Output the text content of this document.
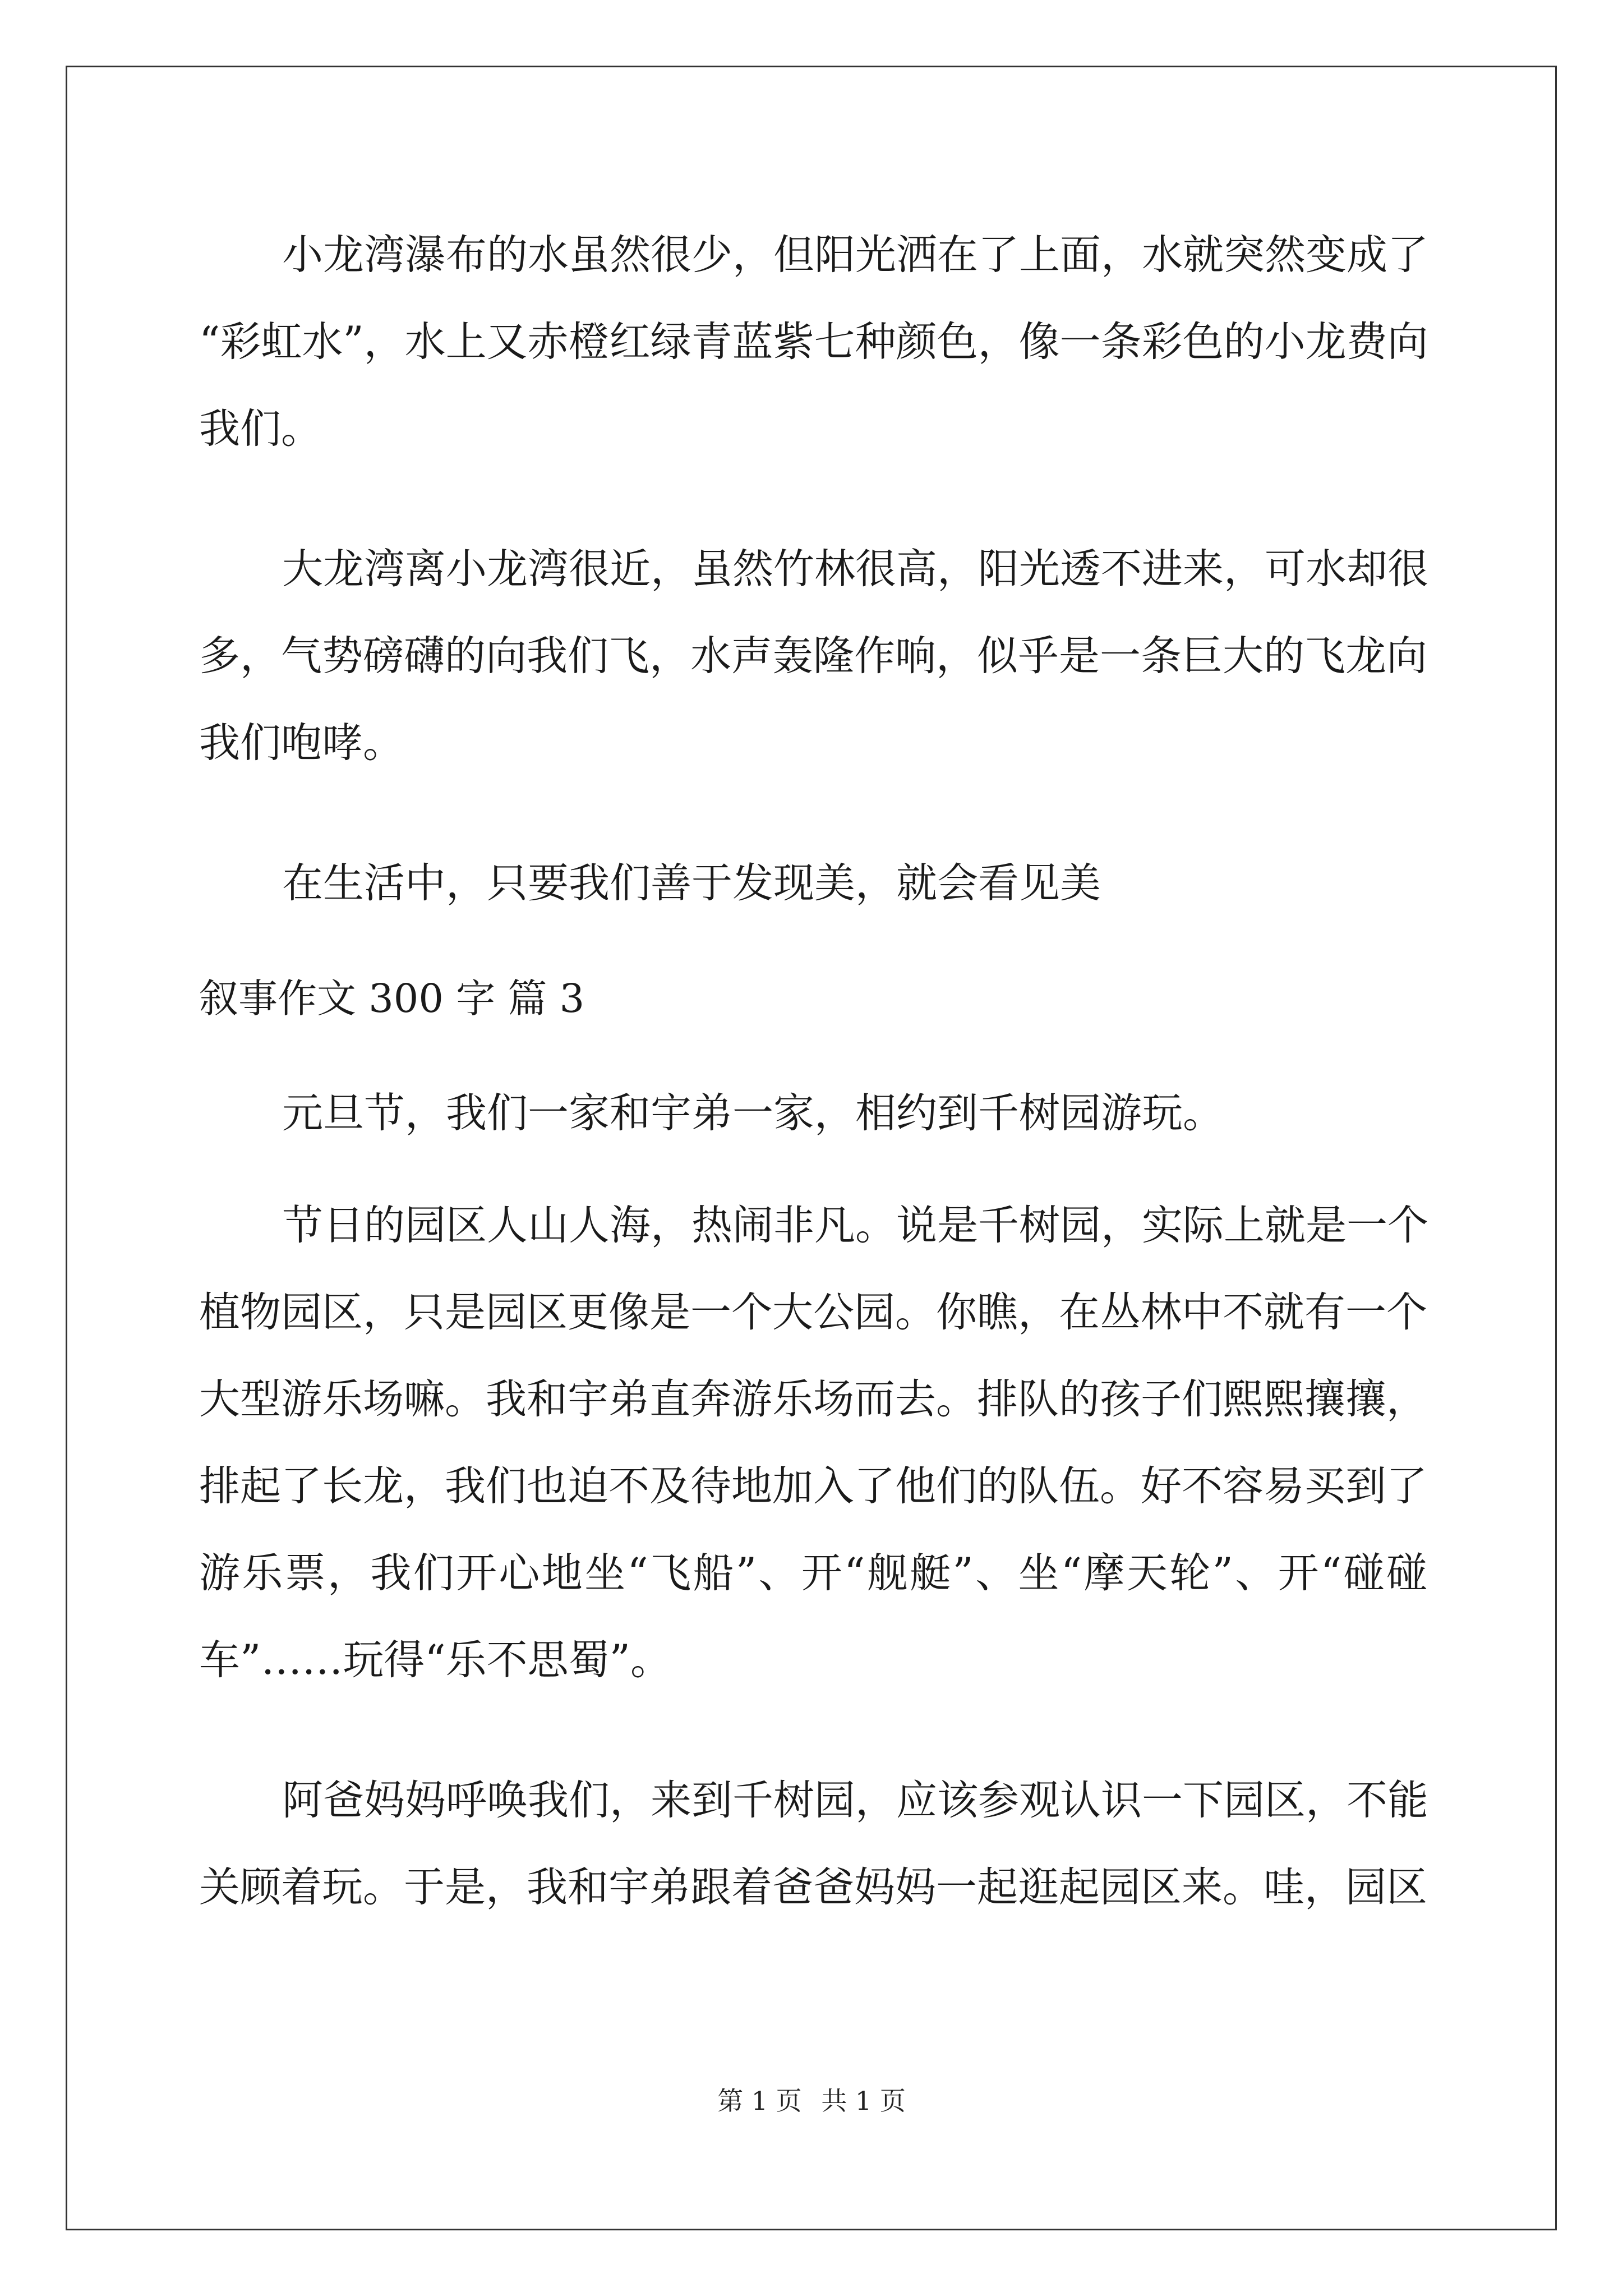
小龙湾瀑布的水虽然很少，但阳光洒在了上面，水就突然变成了
“彩虹水”，水上又赤橙红绿青蓝紫七种颜色，像一条彩色的小龙费向
我们。
大龙湾离小龙湾很近，虽然竹林很高，阳光透不进来，可水却很
多，气势磅礴的向我们飞，水声轰隆作响，似乎是一条巨大的飞龙向
我们咆哮。
在生活中，只要我们善于发现美，就会看见美
叙事作文 300 字 篇 3
元旦节，我们一家和宇弟一家，相约到千树园游玩。
节日的园区人山人海，热闹非凡。说是千树园，实际上就是一个
植物园区，只是园区更像是一个大公园。你瞧，在丛林中不就有一个
大型游乐场嘛。我和宇弟直奔游乐场而去。排队的孩子们熙熙攘攘，
排起了长龙，我们也迫不及待地加入了他们的队伍。好不容易买到了
游乐票，我们开心地坐“飞船”、开“舰艇”、坐“摩天轮”、开“碰碰
车”……玩得“乐不思蜀”。
阿爸妈妈呼唤我们，来到千树园，应该参观认识一下园区，不能
关顾着玩。于是，我和宇弟跟着爸爸妈妈一起逛起园区来。哇，园区
第 1 页 共 1 页
